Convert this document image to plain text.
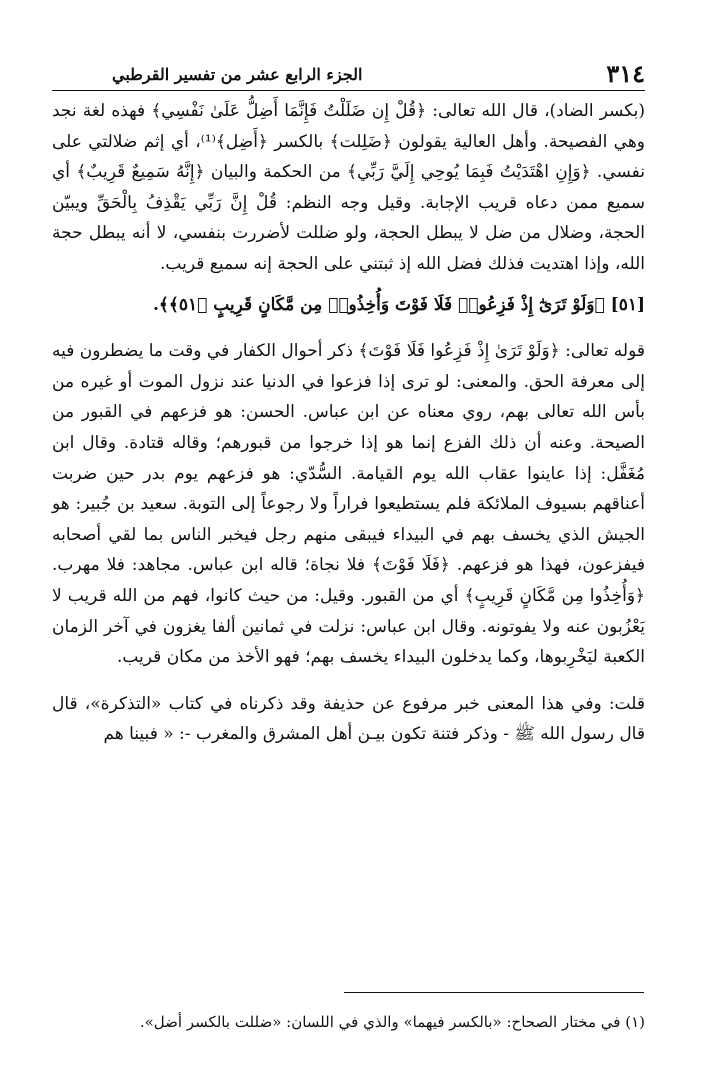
٣١٤
الجزء الرابع عشر من تفسير القرطبي

(بكسر الضاد)، قال الله تعالى: ﴿قُلْ إِن ضَلَلْتُ فَإِنَّمَا أَضِلُّ عَلَىٰ نَفْسِي﴾ فهذه لغة نجد وهي الفصيحة. وأهل العالية يقولون ﴿ضَلِلت﴾ بالكسر ﴿أَضِل﴾⁽¹⁾، أي إثم ضلالتي على نفسي. ﴿وَإِنِ اهْتَدَيْتُ فَبِمَا يُوحِي إِلَيَّ رَبِّي﴾ من الحكمة والبيان ﴿إِنَّهُ سَمِيعٌ قَرِيبٌ﴾ أي سميع ممن دعاه قريب الإجابة. وقيل وجه النظم: قُلْ إِنَّ رَبِّي يَقْذِفُ بِالْحَقِّ ويبيّن الحجة، وضلال من ضل لا يبطل الحجة، ولو ضللت لأضررت بنفسي، لا أنه يبطل حجة الله، وإذا اهتديت فذلك فضل الله إذ ثبتني على الحجة إنه سميع قريب.

[٥١] ﴿وَلَوْ تَرَىٰٓ إِذْ فَزِعُوا۟ فَلَا فَوْتَ وَأُخِذُوا۟ مِن مَّكَانٍ قَرِيبٍ ﴿٥١﴾﴾.

قوله تعالى: ﴿وَلَوْ تَرَىٰ إِذْ فَزِعُوا فَلَا فَوْتَ﴾ ذكر أحوال الكفار في وقت ما يضطرون فيه إلى معرفة الحق. والمعنى: لو ترى إذا فزعوا في الدنيا عند نزول الموت أو غيره من بأس الله تعالى بهم، روي معناه عن ابن عباس. الحسن: هو فزعهم في القبور من الصيحة. وعنه أن ذلك الفزع إنما هو إذا خرجوا من قبورهم؛ وقاله قتادة. وقال ابن مُغَفَّل: إذا عاينوا عقاب الله يوم القيامة. السُّدّي: هو فزعهم يوم بدر حين ضربت أعناقهم بسيوف الملائكة فلم يستطيعوا فراراً ولا رجوعاً إلى التوبة. سعيد بن جُبير: هو الجيش الذي يخسف بهم في البيداء فيبقى منهم رجل فيخبر الناس بما لقي أصحابه فيفزعون، فهذا هو فزعهم. ﴿فَلَا فَوْتَ﴾ فلا نجاة؛ قاله ابن عباس. مجاهد: فلا مهرب. ﴿وَأُخِذُوا مِن مَّكَانٍ قَرِيبٍ﴾ أي من القبور. وقيل: من حيث كانوا، فهم من الله قريب لا يَعْزُبون عنه ولا يفوتونه. وقال ابن عباس: نزلت في ثمانين ألفا يغزون في آخر الزمان الكعبة ليَخْرِبوها، وكما يدخلون البيداء يخسف بهم؛ فهو الأخذ من مكان قريب.

قلت: وفي هذا المعنى خبر مرفوع عن حذيفة وقد ذكرناه في كتاب «التذكرة»، قال قال رسول الله ﷺ - وذكر فتنة تكون بيـن أهل المشرق والمغرب -: « فبينا هم

(١) في مختار الصحاح: «بالكسر فيهما» والذي في اللسان: «ضللت بالكسر أضل».
